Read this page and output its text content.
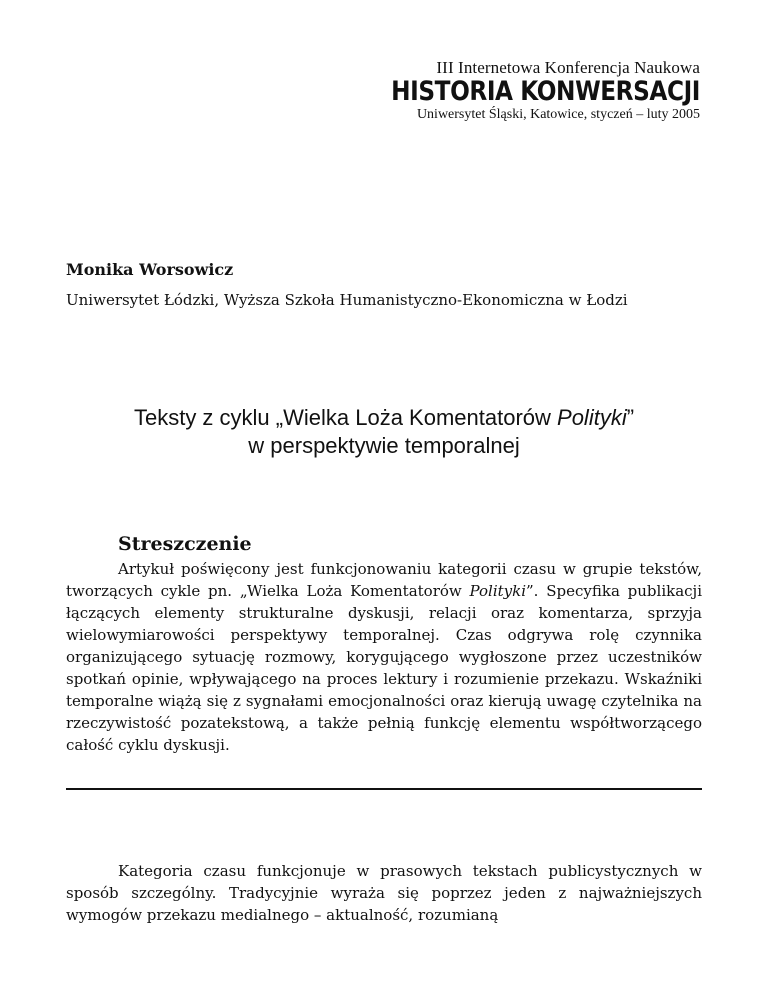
III Internetowa Konferencja Naukowa
HISTORIA KONWERSACJI
Uniwersytet Śląski, Katowice, styczeń – luty 2005
Monika Worsowicz
Uniwersytet Łódzki, Wyższa Szkoła Humanistyczno-Ekonomiczna w Łodzi
Teksty z cyklu „Wielka Loża Komentatorów Polityki”
w perspektywie temporalnej
Streszczenie

Artykuł poświęcony jest funkcjonowaniu kategorii czasu w grupie tekstów, tworzących cykle pn. „Wielka Loża Komentatorów Polityki”. Specyfika publikacji łączących elementy strukturalne dyskusji, relacji oraz komentarza, sprzyja wielowymiarowości perspektywy temporalnej. Czas odgrywa rolę czynnika organizującego sytuację rozmowy, korygującego wygłoszone przez uczestników spotkań opinie, wpływającego na proces lektury i rozumienie przekazu. Wskaźniki temporalne wiążą się z sygnałami emocjonalności oraz kierują uwagę czytelnika na rzeczywistość pozatekstową, a także pełnią funkcję elementu współtworzącego całość cyklu dyskusji.

Kategoria czasu funkcjonuje w prasowych tekstach publicystycznych w sposób szczególny. Tradycyjnie wyraża się poprzez jeden z najważniejszych wymogów przekazu medialnego – aktualność, rozumianą
